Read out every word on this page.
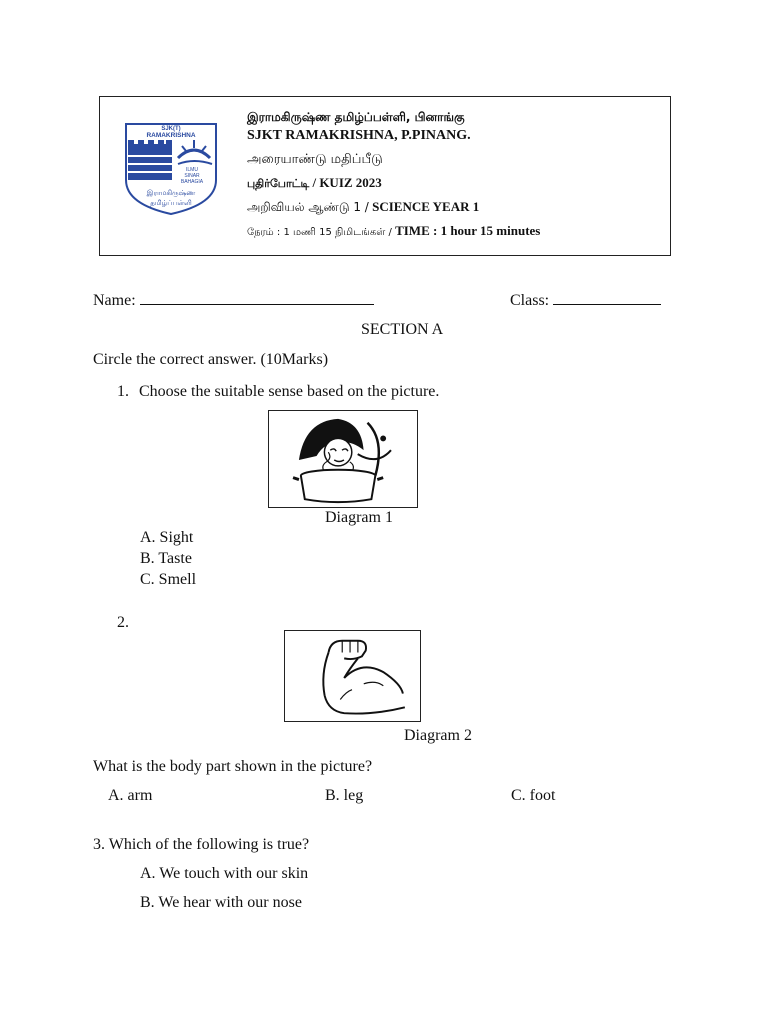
SJK(T)
RAMAKRISHNA
ILMU
SINAR
BAHAGIA
இராமகிருஷ்ண
தமிழ்ப்பள்ளி
இராமகிருஷ்ண தமிழ்ப்பள்ளி, பினாங்கு
SJKT RAMAKRISHNA, P.PINANG.
அரையாண்டு மதிப்பீடு
புதிர்போட்டி / KUIZ 2023
அறிவியல் ஆண்டு 1 / SCIENCE YEAR 1
நேரம் : 1 மணி 15 நிமிடங்கள் / TIME : 1 hour 15 minutes
Name:	Class:
SECTION A
Circle the correct answer. (10Marks)
1. Choose the suitable sense based on the picture.
Diagram 1
A. Sight
B. Taste
C. Smell
2.
Diagram 2
What is the body part shown in the picture?
A. arm	B. leg	C. foot
3. Which of the following is true?
A. We touch with our skin
B. We hear with our nose
